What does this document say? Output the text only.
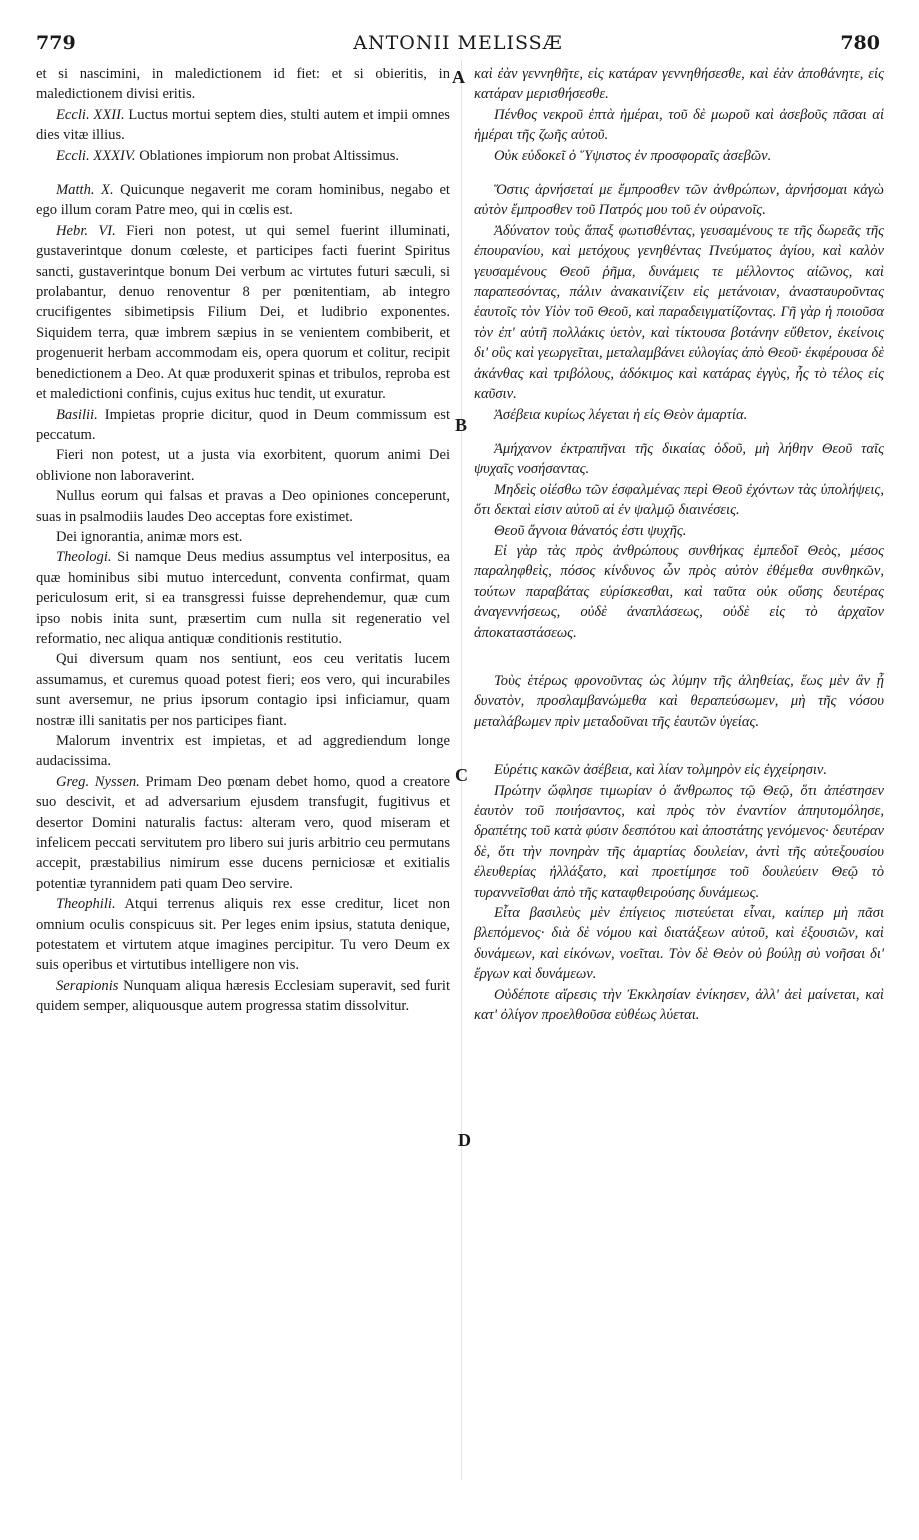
779	ANTONII MELISSÆ	780
A
B
C
D

et si nascimini, in maledictionem id fiet: et si obieritis, in maledictionem divisi eritis.

Eccli. XXII. Luctus mortui septem dies, stulti autem et impii omnes dies vitæ illius.

Eccli. XXXIV. Oblationes impiorum non probat Altissimus.

Matth. X. Quicunque negaverit me coram hominibus, negabo et ego illum coram Patre meo, qui in cœlis est.

Hebr. VI. Fieri non potest, ut qui semel fuerint illuminati, gustaverintque donum cœleste, et participes facti fuerint Spiritus sancti, gustaverintque bonum Dei verbum ac virtutes futuri sæculi, si prolabantur, denuo renoventur 8 per pœnitentiam, ab integro crucifigentes sibimetipsis Filium Dei, et ludibrio exponentes. Siquidem terra, quæ imbrem sæpius in se venientem combiberit, et progenuerit herbam accommodam eis, opera quorum et colitur, recipit benedictionem a Deo. At quæ produxerit spinas et tribulos, reproba est et maledictioni confinis, cujus exitus huc tendit, ut exuratur.

Basilii. Impietas proprie dicitur, quod in Deum commissum est peccatum.

Fieri non potest, ut a justa via exorbitent, quorum animi Dei oblivione non laboraverint.

Nullus eorum qui falsas et pravas a Deo opiniones conceperunt, suas in psalmodiis laudes Deo acceptas fore existimet.

Dei ignorantia, animæ mors est.

Theologi. Si namque Deus medius assumptus vel interpositus, ea quæ hominibus sibi mutuo intercedunt, conventa confirmat, quam periculosum erit, si ea transgressi fuisse deprehendemur, quæ cum ipso nobis inita sunt, præsertim cum nulla sit regeneratio vel reformatio, nec aliqua antiquæ conditionis restitutio.

Qui diversum quam nos sentiunt, eos ceu veritatis lucem assumamus, et curemus quoad potest fieri; eos vero, qui incurabiles sunt aversemur, ne prius ipsorum contagio ipsi inficiamur, quam nostræ illi sanitatis per nos participes fiant.

Malorum inventrix est impietas, et ad aggrediendum longe audacissima.

Greg. Nyssen. Primam Deo pœnam debet homo, quod a creatore suo descivit, et ad adversarium ejusdem transfugit, fugitivus et desertor Domini naturalis factus: alteram vero, quod miseram et infelicem peccati servitutem pro libero sui juris arbitrio ceu permutans accepit, præstabilius nimirum esse ducens perniciosæ et exitialis potentiæ tyrannidem pati quam Deo servire.

Theophili. Atqui terrenus aliquis rex esse creditur, licet non omnium oculis conspicuus sit. Per leges enim ipsius, statuta denique, potestatem et virtutem atque imagines percipitur. Tu vero Deum ex suis operibus et virtutibus intelligere non vis.

Serapionis Nunquam aliqua hæresis Ecclesiam superavit, sed furit quidem semper, aliquousque autem progressa statim dissolvitur.

καὶ ἐὰν γεννηθῆτε, εἰς κατάραν γεννηθήσεσθε, καὶ ἐὰν ἀποθάνητε, εἰς κατάραν μερισθήσεσθε.

Πένθος νεκροῦ ἑπτὰ ἡμέραι, τοῦ δὲ μωροῦ καὶ ἀσεβοῦς πᾶσαι αἱ ἡμέραι τῆς ζωῆς αὐτοῦ.

Οὐκ εὐδοκεῖ ὁ Ὕψιστος ἐν προσφοραῖς ἀσεβῶν.

Ὅστις ἀρνήσεταί με ἔμπροσθεν τῶν ἀνθρώπων, ἀρνήσομαι κἀγὼ αὐτὸν ἔμπροσθεν τοῦ Πατρός μου τοῦ ἐν οὐρανοῖς.

Ἀδύνατον τοὺς ἅπαξ φωτισθέντας, γευσαμένους τε τῆς δωρεᾶς τῆς ἐπουρανίου, καὶ μετόχους γενηθέντας Πνεύματος ἁγίου, καὶ καλὸν γευσαμένους Θεοῦ ῥῆμα, δυνάμεις τε μέλλοντος αἰῶνος, καὶ παραπεσόντας, πάλιν ἀνακαινίζειν εἰς μετάνοιαν, ἀνασταυροῦντας ἑαυτοῖς τὸν Υἱὸν τοῦ Θεοῦ, καὶ παραδειγματίζοντας. Γῆ γὰρ ἡ ποιοῦσα τὸν ἐπ' αὐτῆ πολλάκις ὑετὸν, καὶ τίκτουσα βοτάνην εὔθετον, ἐκείνοις δι' οὓς καὶ γεωργεῖται, μεταλαμβάνει εὐλογίας ἀπὸ Θεοῦ· ἐκφέρουσα δὲ ἀκάνθας καὶ τριβόλους, ἀδόκιμος καὶ κατάρας ἐγγὺς, ἧς τὸ τέλος εἰς καῦσιν.

Ἀσέβεια κυρίως λέγεται ἡ εἰς Θεὸν ἁμαρτία.

Ἀμήχανον ἐκτραπῆναι τῆς δικαίας ὁδοῦ, μὴ λήθην Θεοῦ ταῖς ψυχαῖς νοσήσαντας.

Μηδεὶς οἰέσθω τῶν ἐσφαλμένας περὶ Θεοῦ ἐχόντων τὰς ὑπολήψεις, ὅτι δεκταὶ εἰσιν αὐτοῦ αἱ ἐν ψαλμῷ διαινέσεις.

Θεοῦ ἄγνοια θάνατός ἐστι ψυχῆς.

Εἰ γὰρ τὰς πρὸς ἀνθρώπους συνθήκας ἐμπεδοῖ Θεὸς, μέσος παραληφθεὶς, πόσος κίνδυνος ὧν πρὸς αὐτὸν ἐθέμεθα συνθηκῶν, τούτων παραβάτας εὑρίσκεσθαι, καὶ ταῦτα οὐκ οὔσης δευτέρας ἀναγεννήσεως, οὐδὲ ἀναπλάσεως, οὐδὲ εἰς τὸ ἀρχαῖον ἀποκαταστάσεως.

Τοὺς ἑτέρως φρονοῦντας ὡς λύμην τῆς ἀληθείας, ἕως μὲν ἂν ᾖ δυνατὸν, προσλαμβανώμεθα καὶ θεραπεύσωμεν, μὴ τῆς νόσου μεταλάβωμεν πρὶν μεταδοῦναι τῆς ἑαυτῶν ὑγείας.

Εὑρέτις κακῶν ἀσέβεια, καὶ λίαν τολμηρὸν εἰς ἐγχείρησιν.

Πρώτην ὤφλησε τιμωρίαν ὁ ἄνθρωπος τῷ Θεῷ, ὅτι ἀπέστησεν ἑαυτὸν τοῦ ποιήσαντος, καὶ πρὸς τὸν ἐναντίον ἀπηυτομόλησε, δραπέτης τοῦ κατὰ φύσιν δεσπότου καὶ ἀποστάτης γενόμενος· δευτέραν δὲ, ὅτι τὴν πονηρὰν τῆς ἁμαρτίας δουλείαν, ἀντὶ τῆς αὐτεξουσίου ἐλευθερίας ἠλλάξατο, καὶ προετίμησε τοῦ δουλεύειν Θεῷ τὸ τυραννεῖσθαι ἀπὸ τῆς καταφθειρούσης δυνάμεως.

Εἶτα βασιλεὺς μὲν ἐπίγειος πιστεύεται εἶναι, καίπερ μὴ πᾶσι βλεπόμενος· διὰ δὲ νόμου καὶ διατάξεων αὐτοῦ, καὶ ἐξουσιῶν, καὶ δυνάμεων, καὶ εἰκόνων, νοεῖται. Τὸν δὲ Θεὸν οὐ βούλῃ σὺ νοῆσαι δι' ἔργων καὶ δυνάμεων.

Οὐδέποτε αἵρεσις τὴν Ἐκκλησίαν ἐνίκησεν, ἀλλ' ἀεὶ μαίνεται, καὶ κατ' ὀλίγον προελθοῦσα εὐθέως λύεται.
